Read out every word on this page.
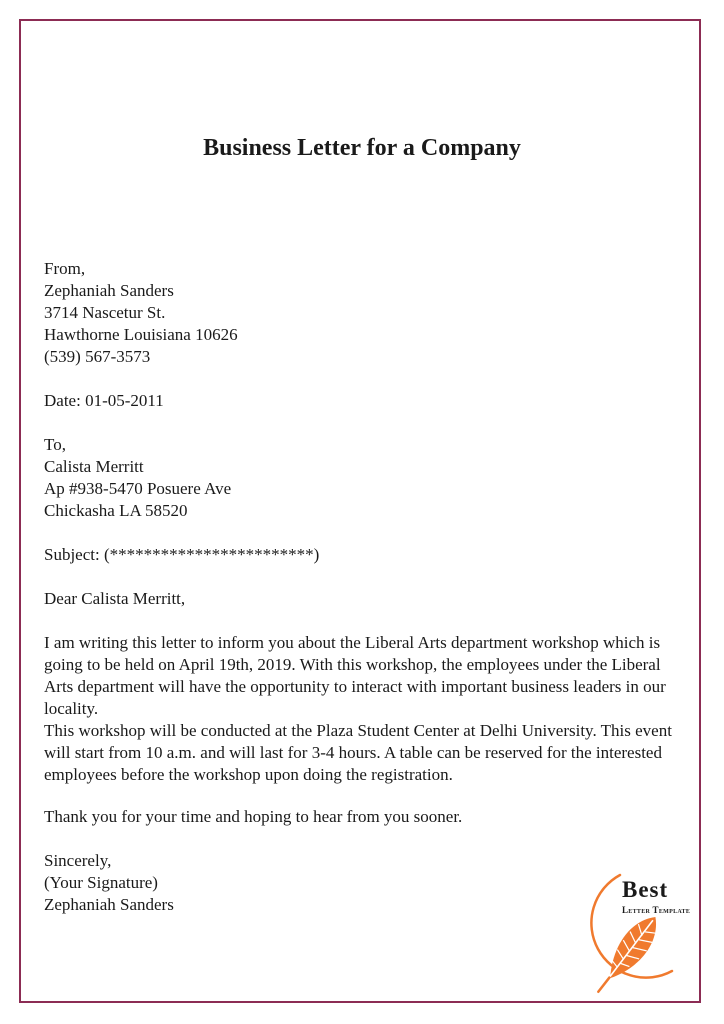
Business Letter for a Company
From,
Zephaniah Sanders
3714 Nascetur St.
Hawthorne Louisiana 10626
(539) 567-3573
Date: 01-05-2011
To,
Calista Merritt
Ap #938-5470 Posuere Ave
Chickasha LA 58520
Subject: (************************)
Dear Calista Merritt,
I am writing this letter to inform you about the Liberal Arts department workshop which is going to be held on April 19th, 2019. With this workshop, the employees under the Liberal Arts department will have the opportunity to interact with important business leaders in our locality.
This workshop will be conducted at the Plaza Student Center at Delhi University. This event will start from 10 a.m. and will last for 3-4 hours. A table can be reserved for the interested employees before the workshop upon doing the registration.
Thank you for your time and hoping to hear from you sooner.
Sincerely,
(Your Signature)
Zephaniah Sanders
Best
Letter Template
